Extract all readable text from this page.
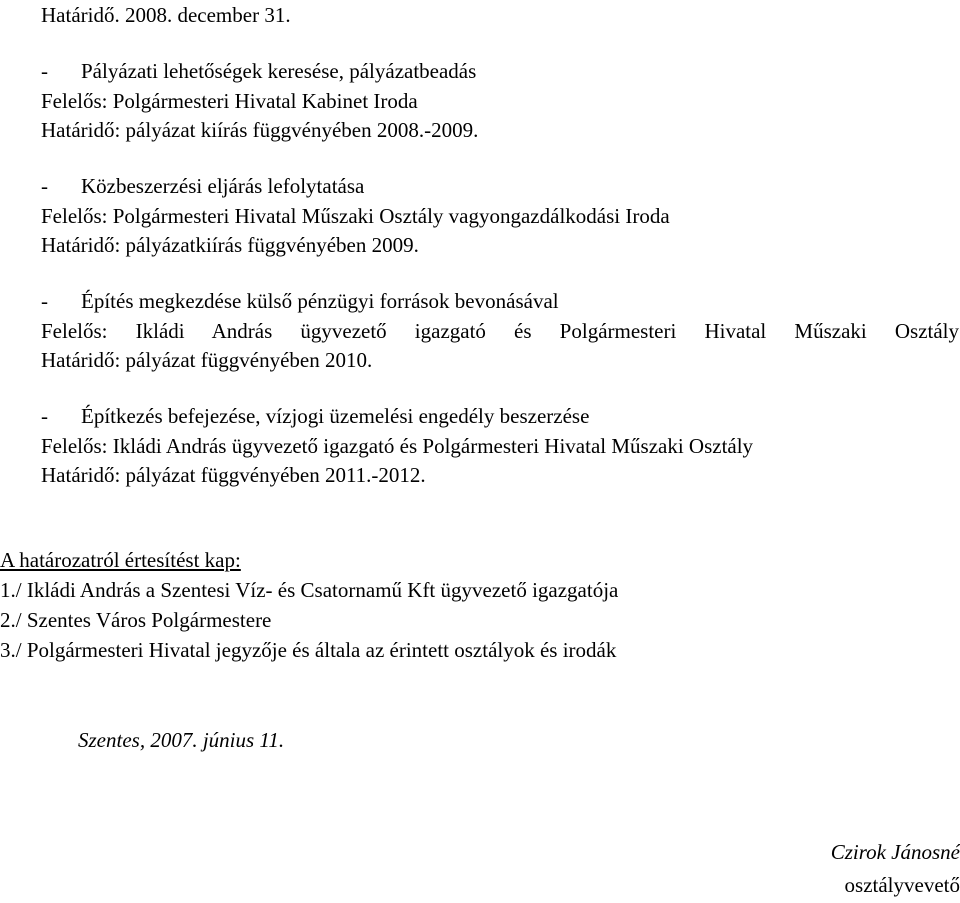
Határidő. 2008. december 31.
- Pályázati lehetőségek keresése, pályázatbeadás
Felelős: Polgármesteri Hivatal Kabinet Iroda
Határidő: pályázat kiírás függvényében 2008.-2009.
- Közbeszerzési eljárás lefolytatása
Felelős: Polgármesteri Hivatal Műszaki Osztály vagyongazdálkodási Iroda
Határidő: pályázatkiírás függvényében 2009.
- Építés megkezdése külső pénzügyi források bevonásával
Felelős: Ikládi András ügyvezető igazgató és Polgármesteri Hivatal Műszaki Osztály
Határidő: pályázat függvényében 2010.
- Építkezés befejezése, vízjogi üzemelési engedély beszerzése
Felelős: Ikládi András ügyvezető igazgató és Polgármesteri Hivatal Műszaki Osztály
Határidő: pályázat függvényében 2011.-2012.
A határozatról értesítést kap:
1./ Ikládi András a Szentesi Víz- és Csatornamű Kft ügyvezető igazgatója
2./ Szentes Város Polgármestere
3./ Polgármesteri Hivatal jegyzője és általa az érintett osztályok és irodák
Szentes, 2007. június 11.
Czirok Jánosné
osztályvevető
